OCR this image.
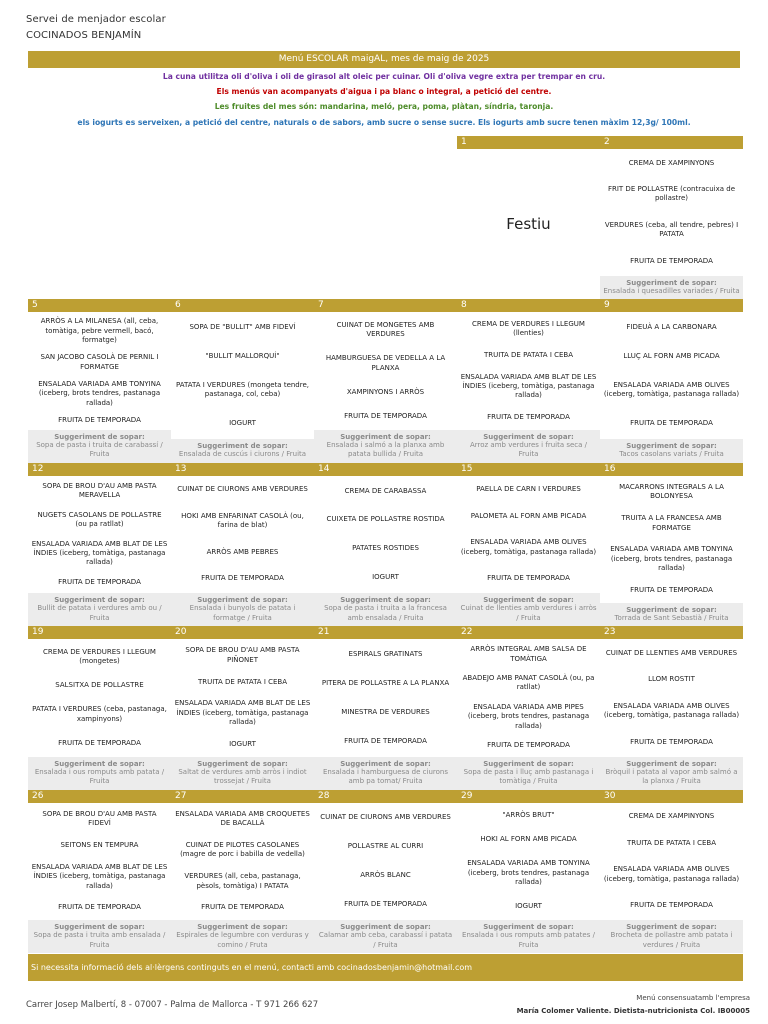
Servei de menjador escolar
COCINADOS BENJAMÍN
Menú ESCOLAR maigAL, mes de maig de 2025
La cuna utilitza oli d'oliva i oli de girasol alt oleic per cuinar. Oli d'oliva vegre extra per trempar en cru.
Els menús van acompanyats d'aigua i pa blanc o integral, a petició del centre.
Les fruites del mes són: mandarina, meló, pera, poma, plàtan, síndria, taronja.
els iogurts es serveixen, a petició del centre, naturals o de sabors, amb sucre o sense sucre. Els iogurts amb sucre tenen màxim 12,3g/ 100ml.
1
Festiu
2
CREMA DE XAMPINYONS
FRIT DE POLLASTRE (contracuixa de pollastre)
VERDURES (ceba, all tendre, pebres) I PATATA
FRUITA DE TEMPORADA
Suggeriment de sopar:
Ensalada i quesadilles variades / Fruita
5
ARRÒS A LA MILANESA (all, ceba, tomàtiga, pebre vermell, bacó, formatge)
SAN JACOBO CASOLÀ DE PERNIL I FORMATGE
ENSALADA VARIADA AMB TONYINA (iceberg, brots tendres, pastanaga rallada)
FRUITA DE TEMPORADA
Suggeriment de sopar:
Sopa de pasta i truita de carabassí / Fruita
6
SOPA DE "BULLIT" AMB FIDEVÍ
"BULLIT MALLORQUÍ"
PATATA I VERDURES (mongeta tendre, pastanaga, col, ceba)
IOGURT
Suggeriment de sopar:
Ensalada de cuscús i ciurons / Fruita
7
CUINAT DE MONGETES AMB VERDURES
HAMBURGUESA DE VEDELLA A LA PLANXA
XAMPINYONS I ARRÒS
FRUITA DE TEMPORADA
Suggeriment de sopar:
Ensalada i salmó a la planxa amb patata bullida / Fruita
8
CREMA DE VERDURES I LLEGUM (llenties)
TRUITA DE PATATA I CEBA
ENSALADA VARIADA AMB BLAT DE LES ÍNDIES (iceberg, tomàtiga, pastanaga rallada)
FRUITA DE TEMPORADA
Suggeriment de sopar:
Arroz amb verdures i fruita seca / Fruita
9
FIDEUÀ A LA CARBONARA
LLUÇ AL FORN AMB PICADA
ENSALADA VARIADA AMB OLIVES (iceberg, tomàtiga, pastanaga rallada)
FRUITA DE TEMPORADA
Suggeriment de sopar:
Tacos casolans variats / Fruita
12
SOPA DE BROU D'AU AMB PASTA MERAVELLA
NUGETS CASOLANS DE POLLASTRE (ou pa ratllat)
ENSALADA VARIADA AMB BLAT DE LES ÍNDIES (iceberg, tomàtiga, pastanaga rallada)
FRUITA DE TEMPORADA
Suggeriment de sopar:
Bullit de patata i verdures amb ou / Fruita
13
CUINAT DE CIURONS AMB VERDURES
HOKI AMB ENFARINAT CASOLÀ (ou, farina de blat)
ARRÒS AMB PEBRES
FRUITA DE TEMPORADA
Suggeriment de sopar:
Ensalada i bunyols de patata i formatge / Fruita
14
CREMA DE CARABASSA
CUIXETA DE POLLASTRE ROSTIDA
PATATES ROSTIDES
IOGURT
Suggeriment de sopar:
Sopa de pasta i truita a la francesa amb ensalada / Fruita
15
PAELLA DE CARN I VERDURES
PALOMETA AL FORN AMB PICADA
ENSALADA VARIADA AMB OLIVES (iceberg, tomàtiga, pastanaga rallada)
FRUITA DE TEMPORADA
Suggeriment de sopar:
Cuinat de llenties amb verdures i arròs / Fruita
16
MACARRONS INTEGRALS A LA BOLONYESA
TRUITA A LA FRANCESA AMB FORMATGE
ENSALADA VARIADA AMB TONYINA (iceberg, brots tendres, pastanaga rallada)
FRUITA DE TEMPORADA
Suggeriment de sopar:
Torrada de Sant Sebastià / Fruita
19
CREMA DE VERDURES I LLEGUM (mongetes)
SALSITXA DE POLLASTRE
PATATA I VERDURES (ceba, pastanaga, xampinyons)
FRUITA DE TEMPORADA
Suggeriment de sopar:
Ensalada i ous romputs amb patata / Fruita
20
SOPA DE BROU D'AU AMB PASTA PIÑONET
TRUITA DE PATATA I CEBA
ENSALADA VARIADA AMB BLAT DE LES ÍNDIES (iceberg, tomàtiga, pastanaga rallada)
IOGURT
Suggeriment de sopar:
Saltat de verdures amb arròs i indiot trossejat / Fruita
21
ESPIRALS GRATINATS
PITERA DE POLLASTRE A LA PLANXA
MINESTRA DE VERDURES
FRUITA DE TEMPORADA
Suggeriment de sopar:
Ensalada i hamburguesa de ciurons amb pa tomat/ Fruita
22
ARRÒS INTEGRAL AMB SALSA DE TOMÀTIGA
ABADEJO AMB PANAT CASOLÀ (ou, pa ratllat)
ENSALADA VARIADA AMB PIPES (iceberg, brots tendres, pastanaga rallada)
FRUITA DE TEMPORADA
Suggeriment de sopar:
Sopa de pasta i lluç amb pastanaga i tomàtiga / Fruita
23
CUINAT DE LLENTIES AMB VERDURES
LLOM ROSTIT
ENSALADA VARIADA AMB OLIVES (iceberg, tomàtiga, pastanaga rallada)
FRUITA DE TEMPORADA
Suggeriment de sopar:
Bròquil i patata al vapor amb salmó a la planxa / Fruita
26
SOPA DE BROU D'AU AMB PASTA FIDEVÍ
SEITONS EN TEMPURA
ENSALADA VARIADA AMB BLAT DE LES ÍNDIES (iceberg, tomàtiga, pastanaga rallada)
FRUITA DE TEMPORADA
Suggeriment de sopar:
Sopa de pasta i truita amb ensalada / Fruita
27
ENSALADA VARIADA AMB CROQUETES DE BACALLÀ
CUINAT DE PILOTES CASOLANES (magre de porc i babilla de vedella)
VERDURES (all, ceba, pastanaga, pèsols, tomàtiga) I PATATA
FRUITA DE TEMPORADA
Suggeriment de sopar:
Espirales de legumbre con verduras y comino / Fruta
28
CUINAT DE CIURONS AMB VERDURES
POLLASTRE AL CURRI
ARRÒS BLANC
FRUITA DE TEMPORADA
Suggeriment de sopar:
Calamar amb ceba, carabassí i patata / Fruita
29
"ARRÒS BRUT"
HOKI AL FORN AMB PICADA
ENSALADA VARIADA AMB TONYINA (iceberg, brots tendres, pastanaga rallada)
IOGURT
Suggeriment de sopar:
Ensalada i ous romputs amb patates / Fruita
30
CREMA DE XAMPINYONS
TRUITA DE PATATA I CEBA
ENSALADA VARIADA AMB OLIVES (iceberg, tomàtiga, pastanaga rallada)
FRUITA DE TEMPORADA
Suggeriment de sopar:
Brocheta de pollastre amb patata i verdures / Fruita
Si necessita informació dels al·lèrgens continguts en el menú, contacti amb cocinadosbenjamin@hotmail.com
Carrer Josep Malbertí, 8 - 07007 - Palma de Mallorca - T 971 266 627
Menú consensuatamb l'empresa
María Colomer Valiente. Dietista-nutricionista Col. IB00005
